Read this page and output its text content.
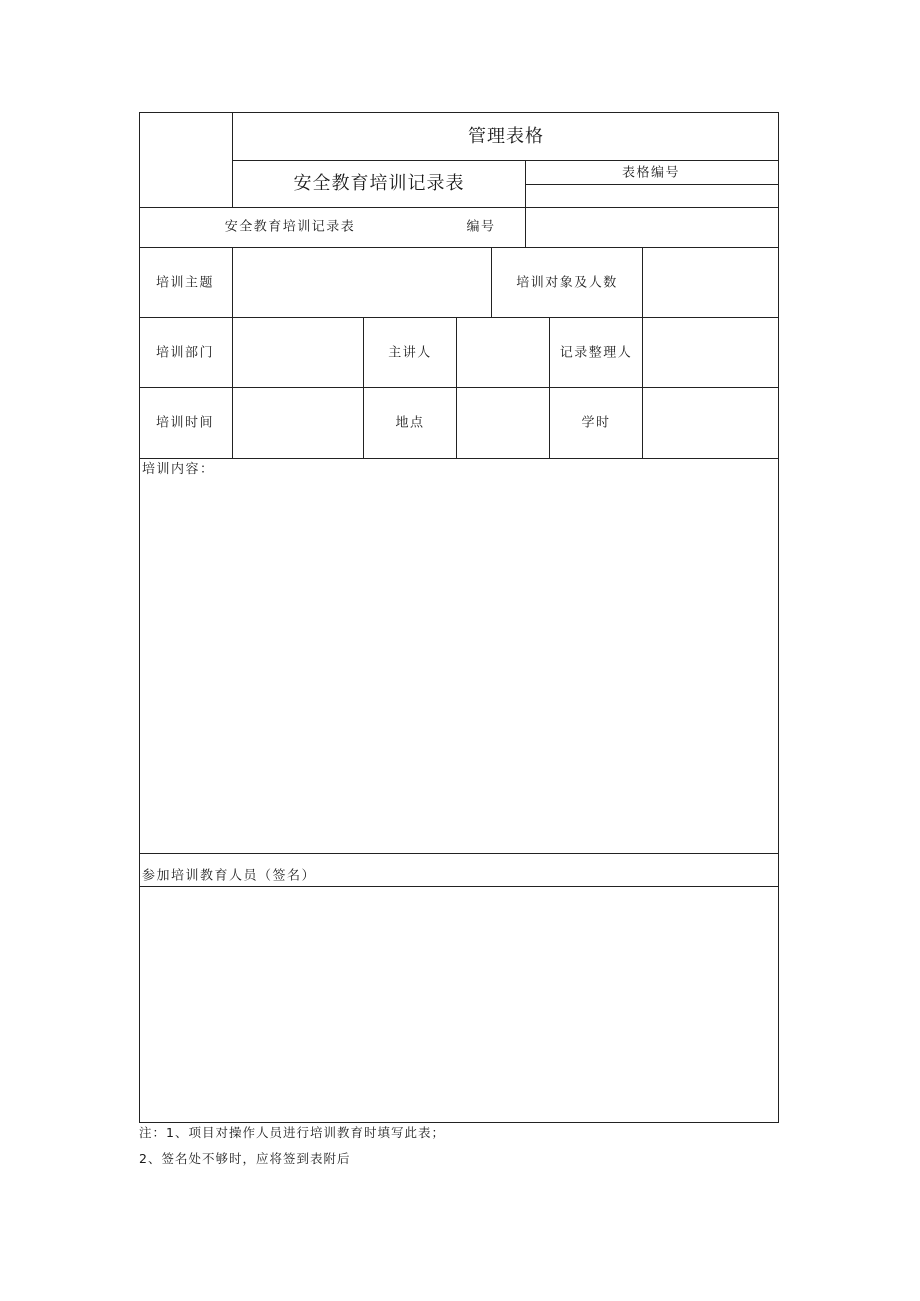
管理表格
安全教育培训记录表	表格编号
安全教育培训记录表	编号
培训主题	培训对象及人数
培训部门	主讲人	记录整理人
培训时间	地点	学时
培训内容：
参加培训教育人员（签名）
注：1、项目对操作人员进行培训教育时填写此表；
2、签名处不够时，应将签到表附后
